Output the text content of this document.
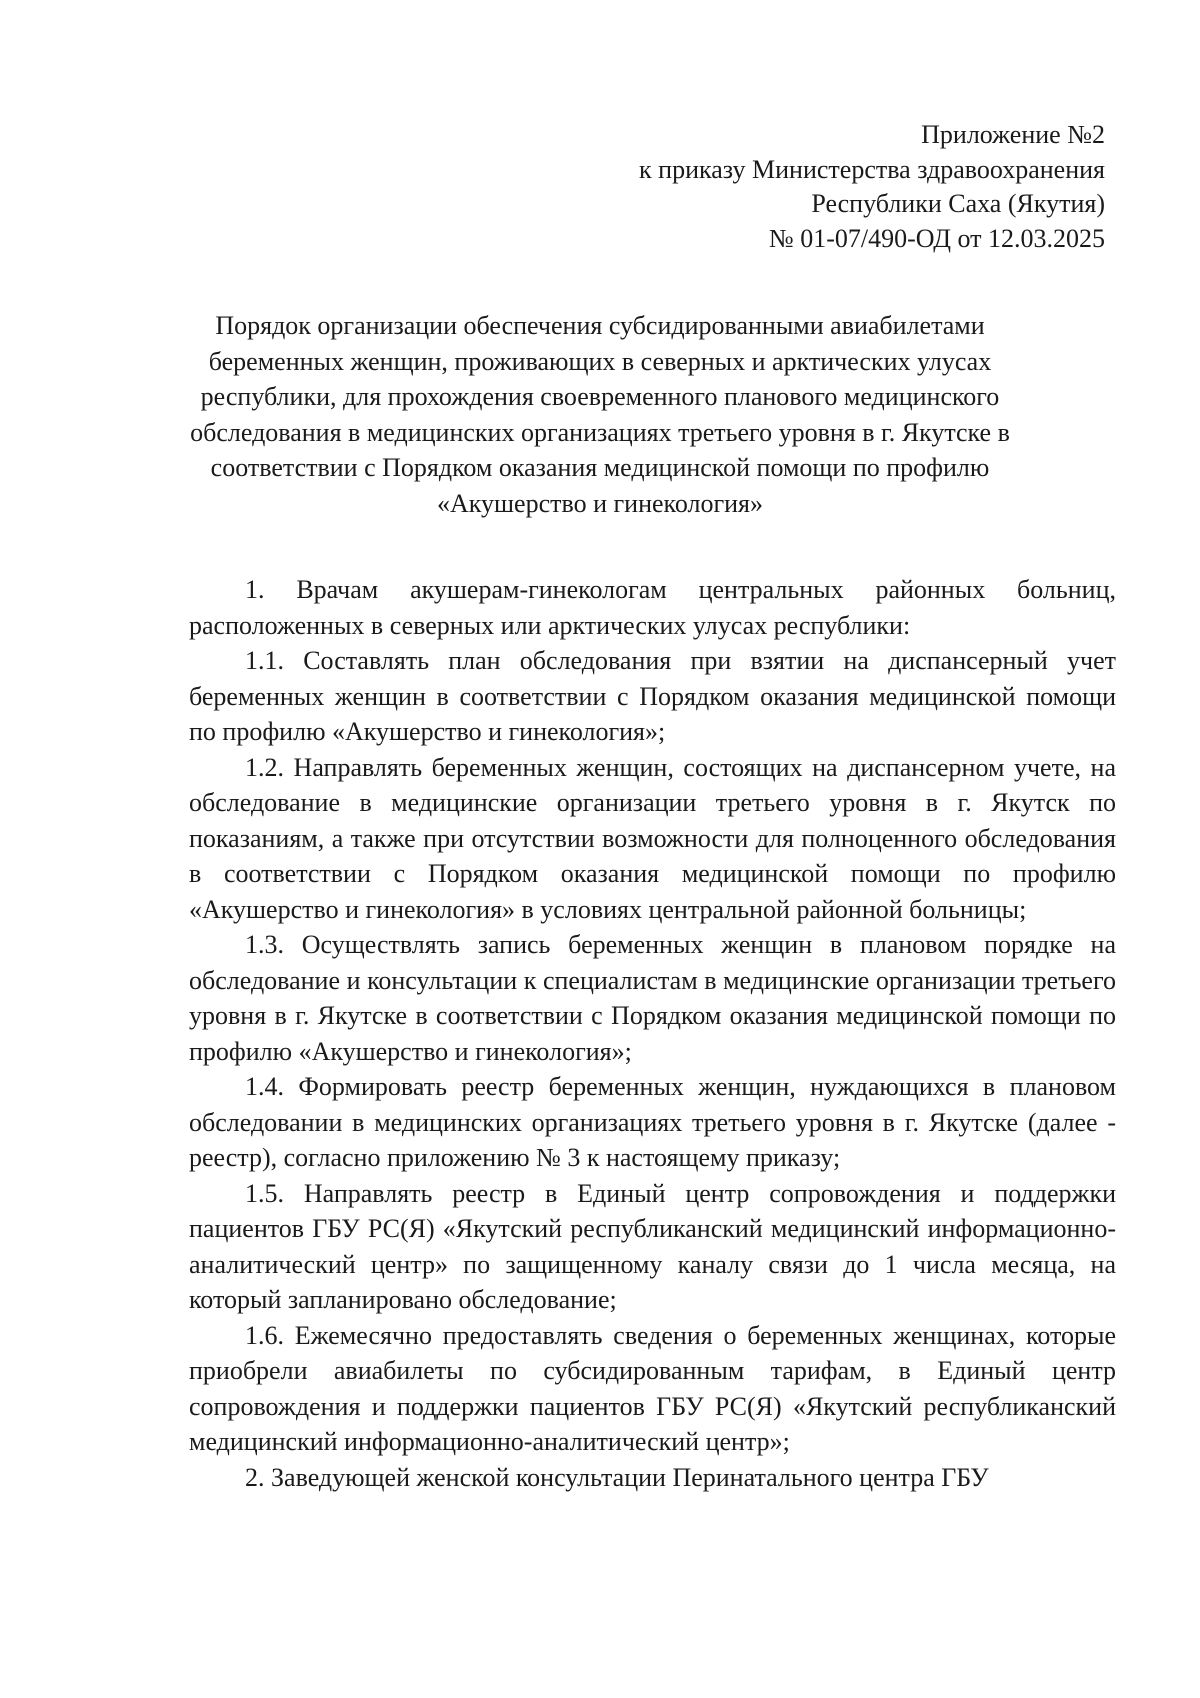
Приложение №2
к приказу Министерства здравоохранения
Республики Саха (Якутия)
№ 01-07/490-ОД от 12.03.2025
Порядок организации обеспечения субсидированными авиабилетами
беременных женщин, проживающих в северных и арктических улусах
республики, для прохождения своевременного планового медицинского
обследования в медицинских организациях третьего уровня в г. Якутске в
соответствии с Порядком оказания медицинской помощи по профилю
«Акушерство и гинекология»

1. Врачам акушерам-гинекологам центральных районных больниц, расположенных в северных или арктических улусах республики:

1.1. Составлять план обследования при взятии на диспансерный учет беременных женщин в соответствии с Порядком оказания медицинской помощи по профилю «Акушерство и гинекология»;

1.2. Направлять беременных женщин, состоящих на диспансерном учете, на обследование в медицинские организации третьего уровня в г. Якутск по показаниям, а также при отсутствии возможности для полноценного обследования в соответствии с Порядком оказания медицинской помощи по профилю «Акушерство и гинекология» в условиях центральной районной больницы;

1.3. Осуществлять запись беременных женщин в плановом порядке на обследование и консультации к специалистам в медицинские организации третьего уровня в г. Якутске в соответствии с Порядком оказания медицинской помощи по профилю «Акушерство и гинекология»;

1.4. Формировать реестр беременных женщин, нуждающихся в плановом обследовании в медицинских организациях третьего уровня в г. Якутске (далее - реестр), согласно приложению № 3 к настоящему приказу;

1.5. Направлять реестр в Единый центр сопровождения и поддержки пациентов ГБУ РС(Я) «Якутский республиканский медицинский информационно-аналитический центр» по защищенному каналу связи до 1 числа месяца, на который запланировано обследование;

1.6. Ежемесячно предоставлять сведения о беременных женщинах, которые приобрели авиабилеты по субсидированным тарифам, в Единый центр сопровождения и поддержки пациентов ГБУ РС(Я) «Якутский республиканский медицинский информационно-аналитический центр»;

2. Заведующей женской консультации Перинатального центра ГБУ
